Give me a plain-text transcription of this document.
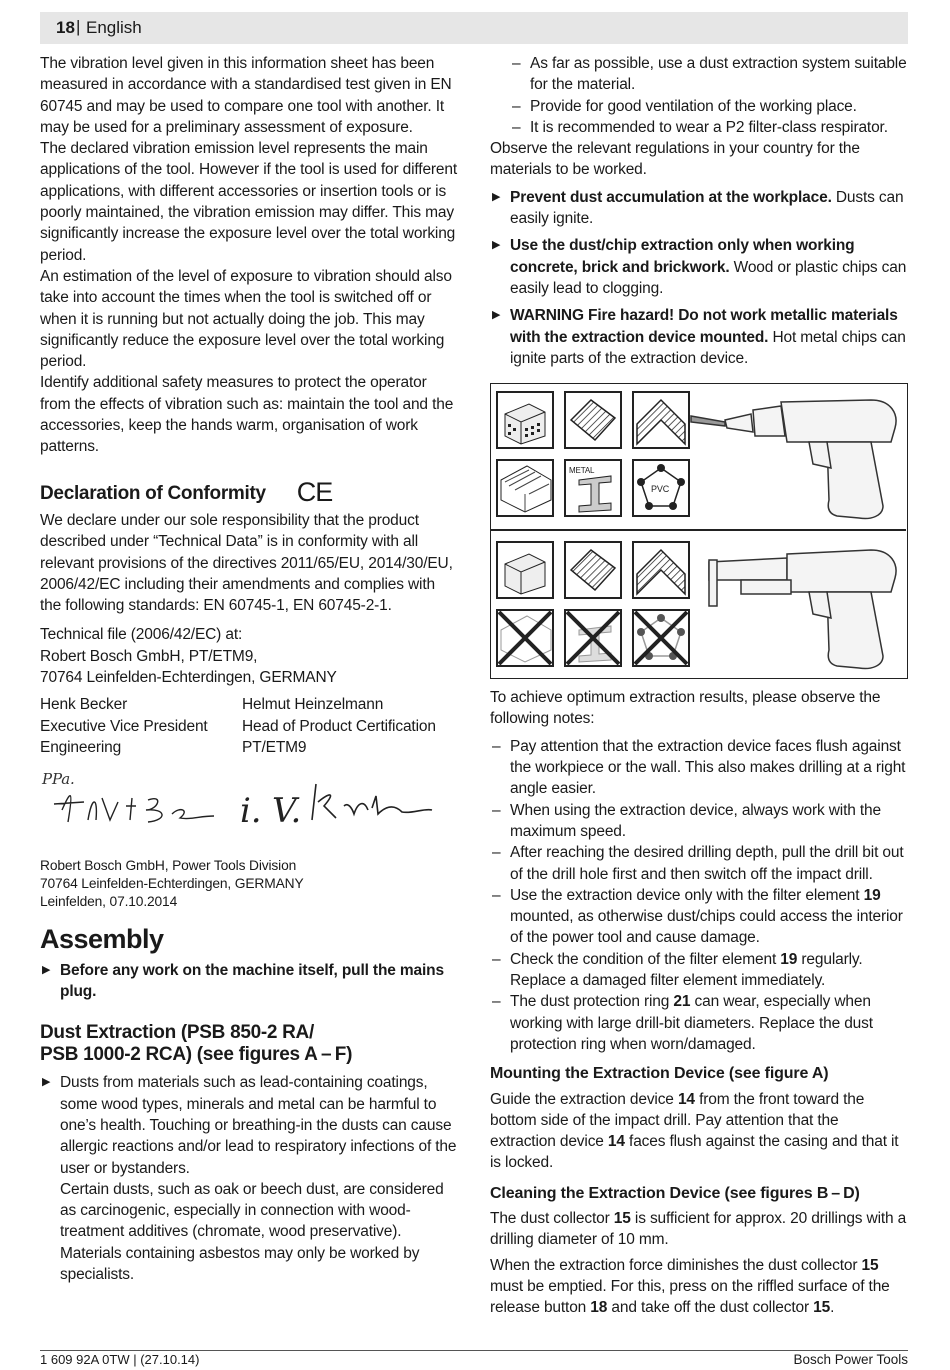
18 | English

The vibration level given in this information sheet has been measured in accordance with a standardised test given in EN 60745 and may be used to compare one tool with another. It may be used for a preliminary assessment of exposure.

The declared vibration emission level represents the main applications of the tool. However if the tool is used for different applications, with different accessories or insertion tools or is poorly maintained, the vibration emission may differ. This may significantly increase the exposure level over the total working period.

An estimation of the level of exposure to vibration should also take into account the times when the tool is switched off or when it is running but not actually doing the job. This may significantly reduce the exposure level over the total working period.

Identify additional safety measures to protect the operator from the effects of vibration such as: maintain the tool and the accessories, keep the hands warm, organisation of work patterns.

Declaration of Conformity CE

We declare under our sole responsibility that the product described under “Technical Data” is in conformity with all relevant provisions of the directives 2011/65/EU, 2014/30/EU, 2006/42/EC including their amendments and complies with the following standards: EN 60745-1, EN 60745-2-1.

Technical file (2006/42/EC) at:

Robert Bosch GmbH, PT/ETM9,

70764 Leinfelden-Echterdingen, GERMANY

Henk Becker

Executive Vice President

Engineering

Helmut Heinzelmann

Head of Product Certification

PT/ETM9

PPa.
i. V.

Robert Bosch GmbH, Power Tools Division

70764 Leinfelden-Echterdingen, GERMANY

Leinfelden, 07.10.2014

Assembly

▶ Before any work on the machine itself, pull the mains plug.

Dust Extraction (PSB 850-2 RA/
PSB 1000-2 RCA) (see figures A – F)

▶ Dusts from materials such as lead-containing coatings, some wood types, minerals and metal can be harmful to one’s health. Touching or breathing-in the dusts can cause allergic reactions and/or lead to respiratory infections of the user or bystanders.

Certain dusts, such as oak or beech dust, are considered as carcinogenic, especially in connection with wood-treatment additives (chromate, wood preservative). Materials containing asbestos may only be worked by specialists.

– As far as possible, use a dust extraction system suitable for the material.

– Provide for good ventilation of the working place.

– It is recommended to wear a P2 filter-class respirator.

Observe the relevant regulations in your country for the materials to be worked.

▶ Prevent dust accumulation at the workplace. Dusts can easily ignite.

▶ Use the dust/chip extraction only when working concrete, brick and brickwork. Wood or plastic chips can easily lead to clogging.

▶ WARNING Fire hazard! Do not work metallic materials with the extraction device mounted. Hot metal chips can ignite parts of the extraction device.

METAL
PVC

To achieve optimum extraction results, please observe the following notes:

– Pay attention that the extraction device faces flush against the workpiece or the wall. This also makes drilling at a right angle easier.

– When using the extraction device, always work with the maximum speed.

– After reaching the desired drilling depth, pull the drill bit out of the drill hole first and then switch off the impact drill.

– Use the extraction device only with the filter element 19 mounted, as otherwise dust/chips could access the interior of the power tool and cause damage.

– Check the condition of the filter element 19 regularly. Replace a damaged filter element immediately.

– The dust protection ring 21 can wear, especially when working with large drill-bit diameters. Replace the dust protection ring when worn/damaged.

Mounting the Extraction Device (see figure A)

Guide the extraction device 14 from the front toward the bottom side of the impact drill. Pay attention that the extraction device 14 faces flush against the casing and that it is locked.

Cleaning the Extraction Device (see figures B – D)

The dust collector 15 is sufficient for approx. 20 drillings with a drilling diameter of 10 mm.

When the extraction force diminishes the dust collector 15 must be emptied. For this, press on the riffled surface of the release button 18 and take off the dust collector 15.

1 609 92A 0TW | (27.10.14)	Bosch Power Tools
